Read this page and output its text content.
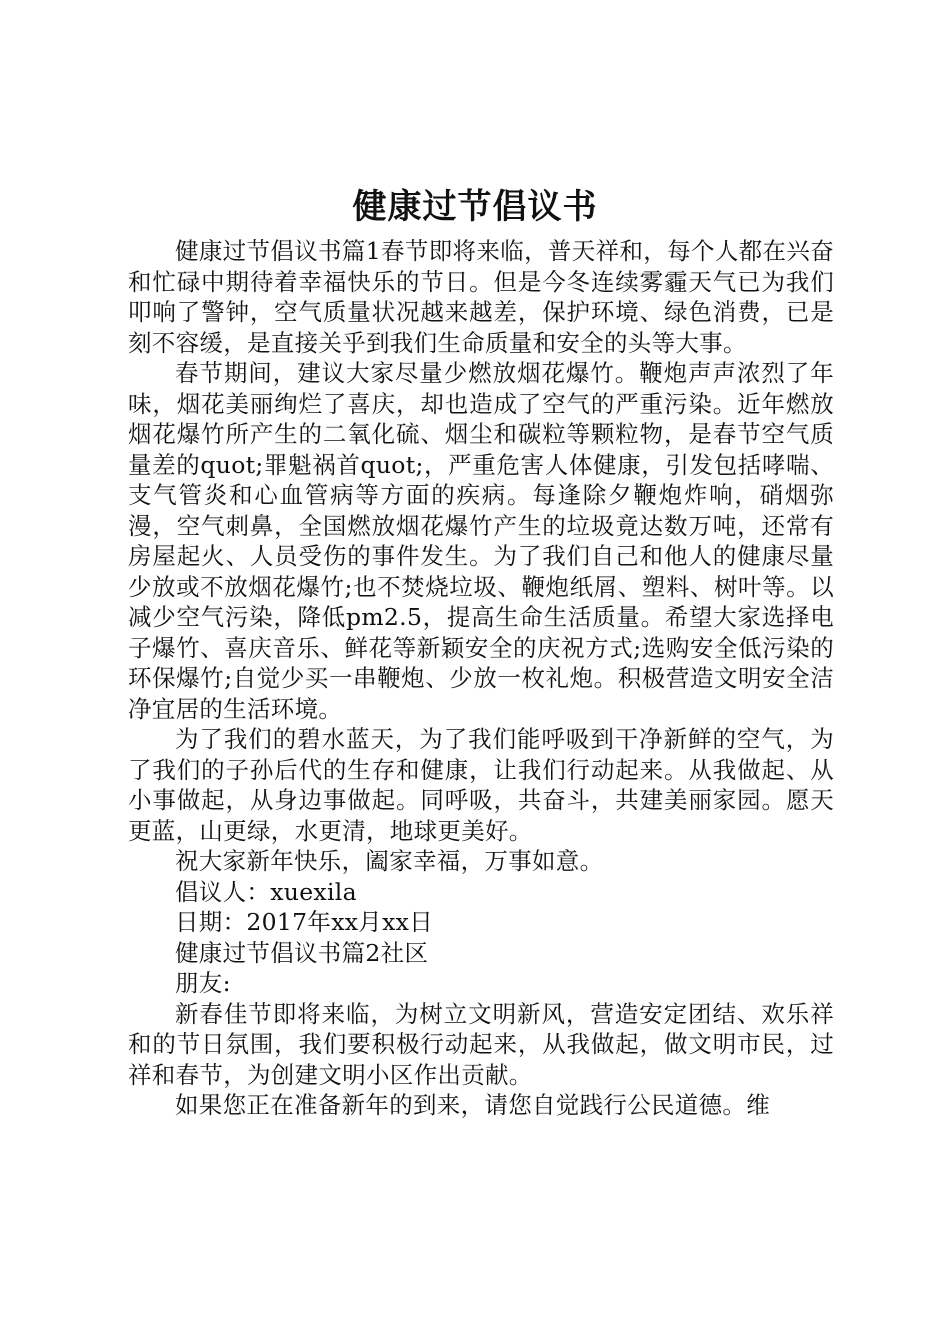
健康过节倡议书

健康过节倡议书篇1春节即将来临，普天祥和，每个人都在兴奋和忙碌中期待着幸福快乐的节日。但是今冬连续雾霾天气已为我们叩响了警钟，空气质量状况越来越差，保护环境、绿色消费，已是刻不容缓，是直接关乎到我们生命质量和安全的头等大事。

春节期间，建议大家尽量少燃放烟花爆竹。鞭炮声声浓烈了年味，烟花美丽绚烂了喜庆，却也造成了空气的严重污染。近年燃放烟花爆竹所产生的二氧化硫、烟尘和碳粒等颗粒物，是春节空气质量差的quot;罪魁祸首quot;，严重危害人体健康，引发包括哮喘、支气管炎和心血管病等方面的疾病。每逢除夕鞭炮炸响，硝烟弥漫，空气刺鼻，全国燃放烟花爆竹产生的垃圾竟达数万吨，还常有房屋起火、人员受伤的事件发生。为了我们自己和他人的健康尽量少放或不放烟花爆竹;也不焚烧垃圾、鞭炮纸屑、塑料、树叶等。以减少空气污染，降低pm2.5，提高生命生活质量。希望大家选择电子爆竹、喜庆音乐、鲜花等新颖安全的庆祝方式;选购安全低污染的环保爆竹;自觉少买一串鞭炮、少放一枚礼炮。积极营造文明安全洁净宜居的生活环境。

为了我们的碧水蓝天，为了我们能呼吸到干净新鲜的空气，为了我们的子孙后代的生存和健康，让我们行动起来。从我做起、从小事做起，从身边事做起。同呼吸，共奋斗，共建美丽家园。愿天更蓝，山更绿，水更清，地球更美好。

祝大家新年快乐，阖家幸福，万事如意。

倡议人：xuexila

日期：2017年xx月xx日

健康过节倡议书篇2社区

朋友:

新春佳节即将来临，为树立文明新风，营造安定团结、欢乐祥和的节日氛围，我们要积极行动起来，从我做起，做文明市民，过祥和春节，为创建文明小区作出贡献。

如果您正在准备新年的到来，请您自觉践行公民道德。维
